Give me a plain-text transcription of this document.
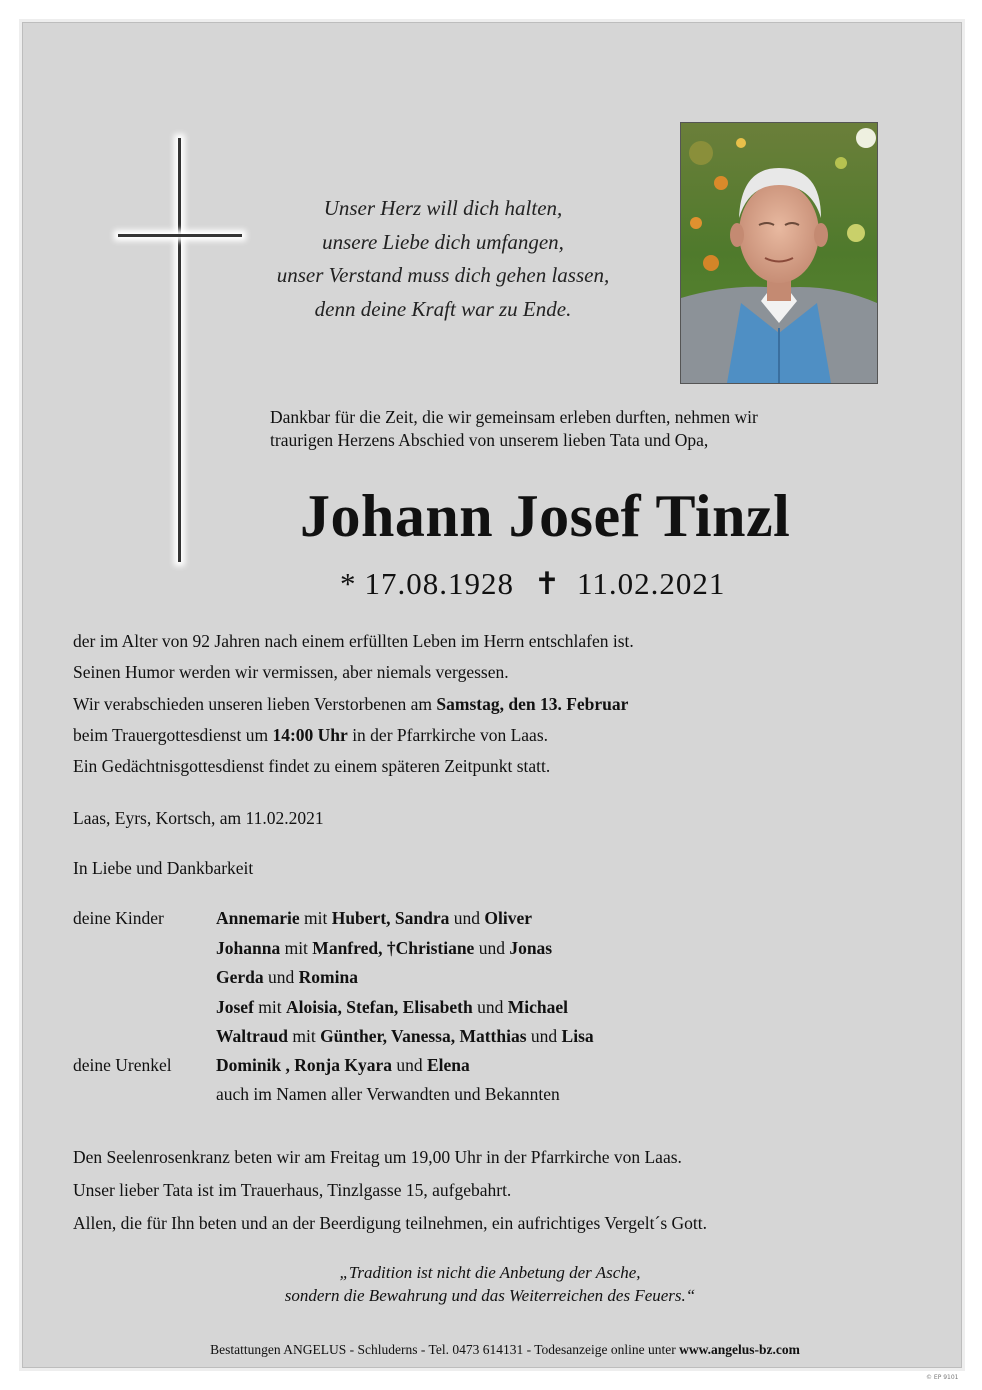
Unser Herz will dich halten,
unsere Liebe dich umfangen,
unser Verstand muss dich gehen lassen,
denn deine Kraft war zu Ende.
Dankbar für die Zeit, die wir gemeinsam erleben durften, nehmen wir
traurigen Herzens Abschied von unserem lieben Tata und Opa,
Johann Josef Tinzl
* 17.08.1928 ✝ 11.02.2021
der im Alter von 92 Jahren nach einem erfüllten Leben im Herrn entschlafen ist.
Seinen Humor werden wir vermissen, aber niemals vergessen.
Wir verabschieden unseren lieben Verstorbenen am Samstag, den 13. Februar
beim Trauergottesdienst um 14:00 Uhr in der Pfarrkirche von Laas.
Ein Gedächtnisgottesdienst findet zu einem späteren Zeitpunkt statt.
Laas, Eyrs, Kortsch, am 11.02.2021
In Liebe und Dankbarkeit
deine Kinder	Annemarie mit Hubert, Sandra und Oliver
Johanna mit Manfred, †Christiane und Jonas
Gerda und Romina
Josef mit Aloisia, Stefan, Elisabeth und Michael
Waltraud mit Günther, Vanessa, Matthias und Lisa
deine Urenkel	Dominik , Ronja Kyara und Elena
auch im Namen aller Verwandten und Bekannten
Den Seelenrosenkranz beten wir am Freitag um 19,00 Uhr in der Pfarrkirche von Laas.
Unser lieber Tata ist im Trauerhaus, Tinzlgasse 15, aufgebahrt.
Allen, die für Ihn beten und an der Beerdigung teilnehmen, ein aufrichtiges Vergelt´s Gott.
„Tradition ist nicht die Anbetung der Asche,
sondern die Bewahrung und das Weiterreichen des Feuers.“
Bestattungen ANGELUS - Schluderns - Tel. 0473 614131 - Todesanzeige online unter www.angelus-bz.com
© EP 9101
